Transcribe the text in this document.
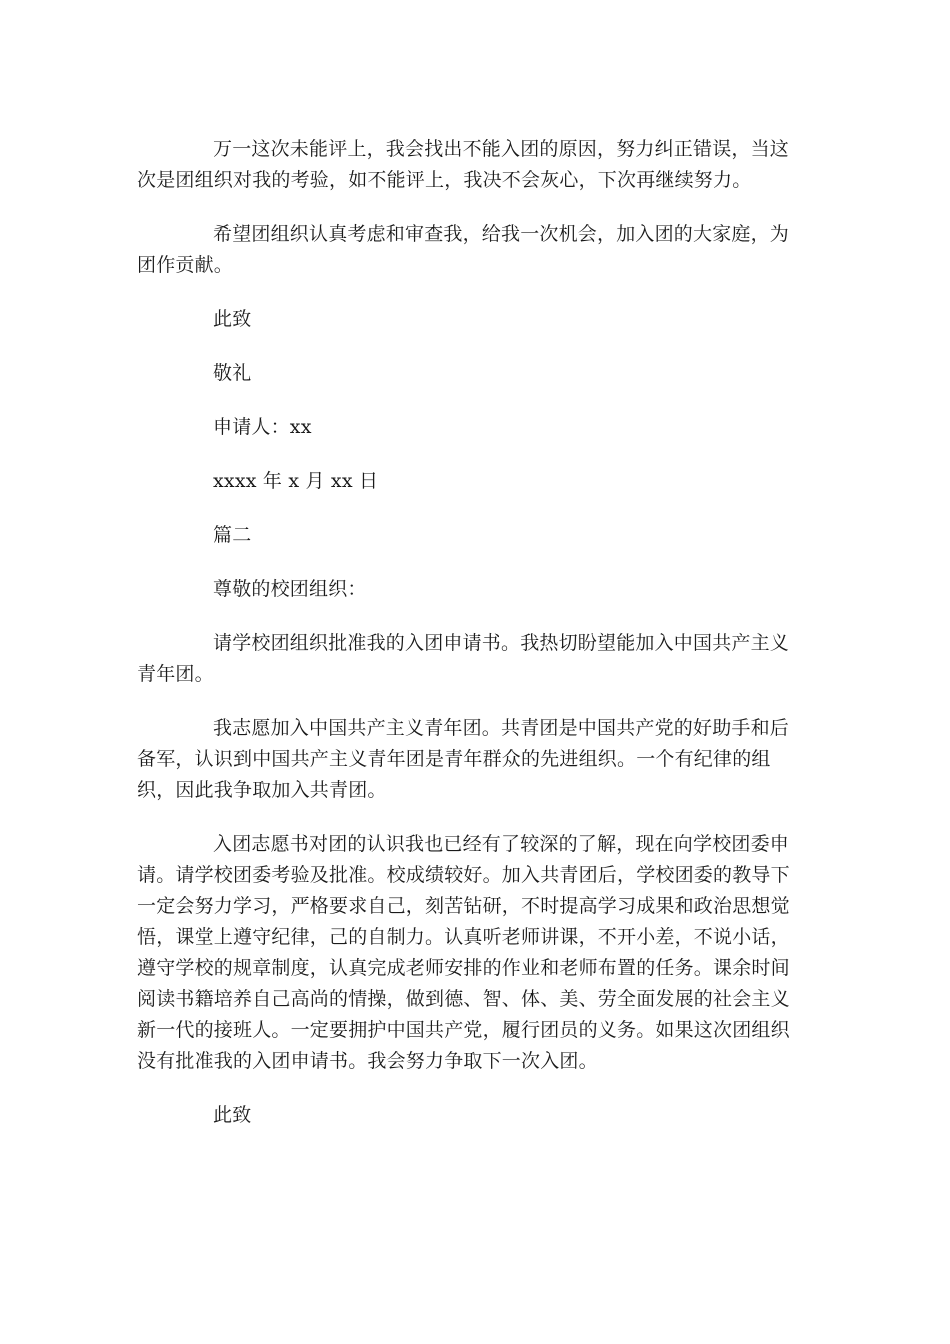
万一这次未能评上，我会找出不能入团的原因，努力纠正错误，当这次是团组织对我的考验，如不能评上，我决不会灰心，下次再继续努力。

希望团组织认真考虑和审查我，给我一次机会，加入团的大家庭，为团作贡献。

此致

敬礼

申请人：xx

xxxx 年 x 月 xx 日

篇二

尊敬的校团组织：

请学校团组织批准我的入团申请书。我热切盼望能加入中国共产主义青年团。

我志愿加入中国共产主义青年团。共青团是中国共产党的好助手和后备军，认识到中国共产主义青年团是青年群众的先进组织。一个有纪律的组织，因此我争取加入共青团。

入团志愿书对团的认识我也已经有了较深的了解，现在向学校团委申请。请学校团委考验及批准。校成绩较好。加入共青团后，学校团委的教导下一定会努力学习，严格要求自己，刻苦钻研，不时提高学习成果和政治思想觉悟，课堂上遵守纪律，己的自制力。认真听老师讲课，不开小差，不说小话，遵守学校的规章制度，认真完成老师安排的作业和老师布置的任务。课余时间阅读书籍培养自己高尚的情操，做到德、智、体、美、劳全面发展的社会主义新一代的接班人。一定要拥护中国共产党，履行团员的义务。如果这次团组织没有批准我的入团申请书。我会努力争取下一次入团。

此致
